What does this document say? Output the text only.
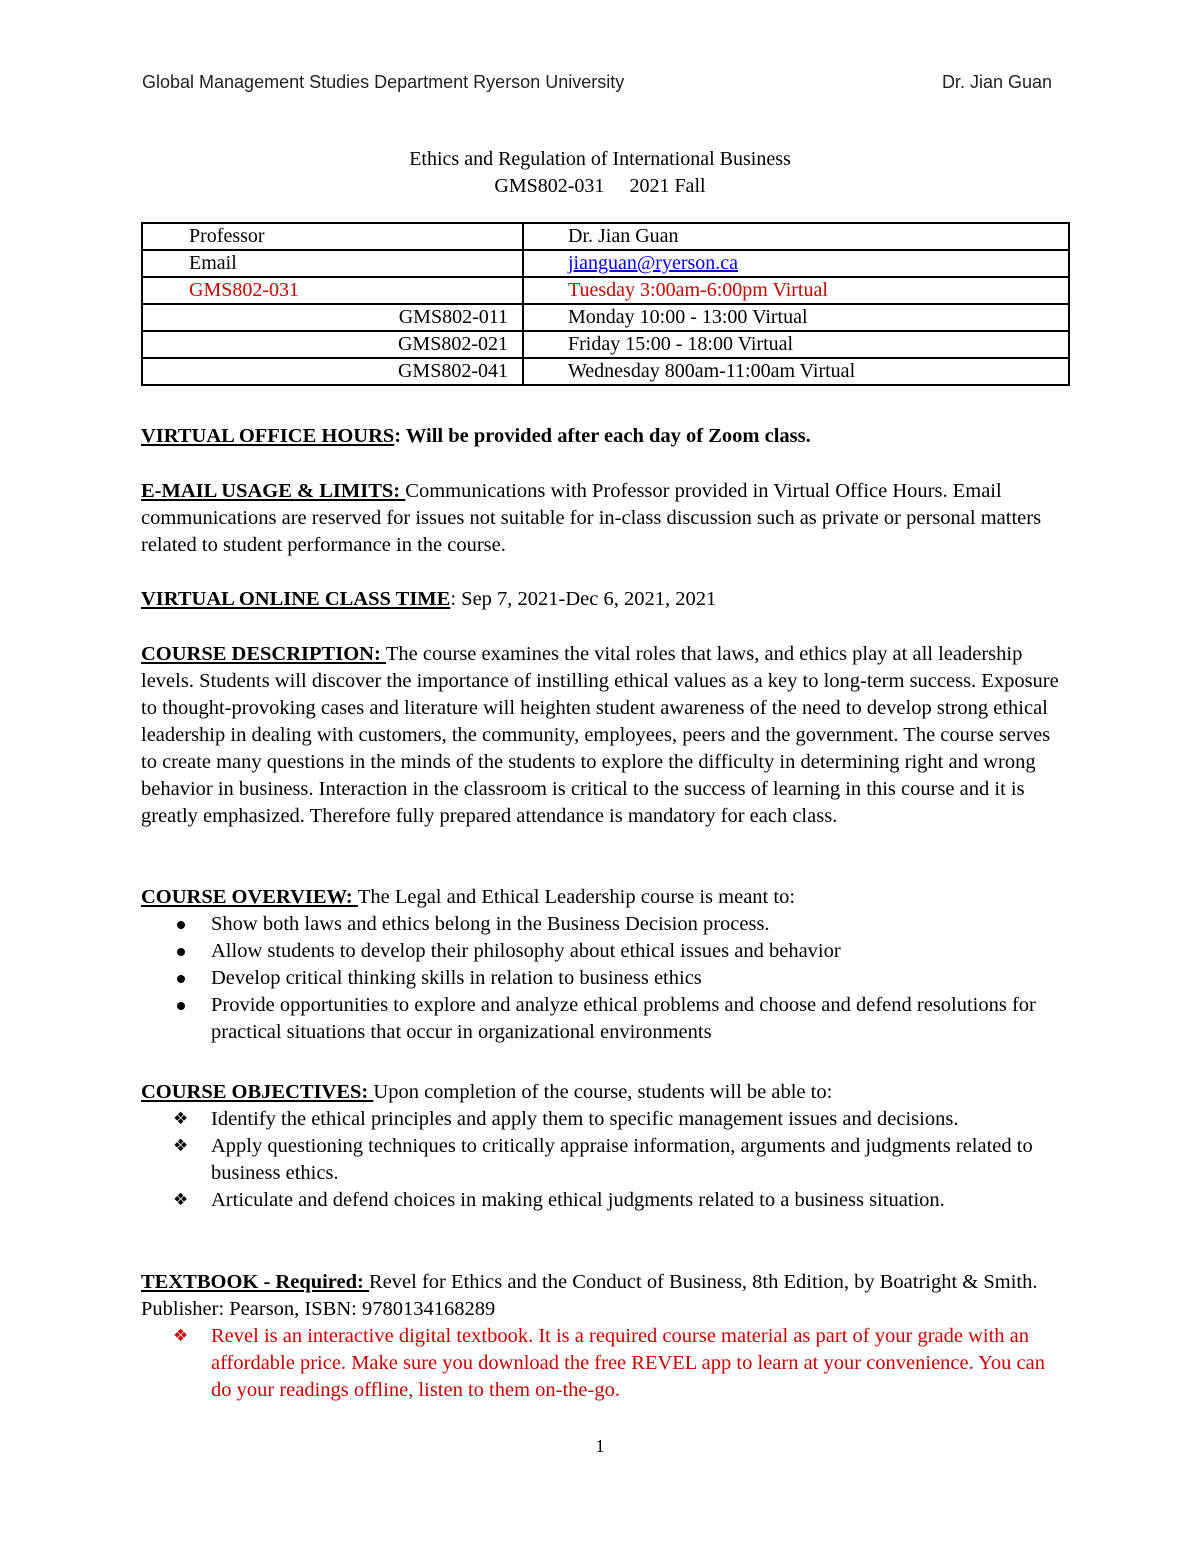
Global Management Studies Department Ryerson University	Dr. Jian Guan
Ethics and Regulation of International Business
GMS802-031 2021 Fall
Professor	Dr. Jian Guan
Email	jianguan@ryerson.ca
GMS802-031	Tuesday 3:00am-6:00pm Virtual
GMS802-011	Monday 10:00 - 13:00 Virtual
GMS802-021	Friday 15:00 - 18:00 Virtual
GMS802-041	Wednesday 800am-11:00am Virtual

VIRTUAL OFFICE HOURS: Will be provided after each day of Zoom class.

E-MAIL USAGE & LIMITS: Communications with Professor provided in Virtual Office Hours. Email communications are reserved for issues not suitable for in-class discussion such as private or personal matters related to student performance in the course.

VIRTUAL ONLINE CLASS TIME: Sep 7, 2021-Dec 6, 2021, 2021

COURSE DESCRIPTION: The course examines the vital roles that laws, and ethics play at all leadership levels. Students will discover the importance of instilling ethical values as a key to long-term success. Exposure to thought-provoking cases and literature will heighten student awareness of the need to develop strong ethical leadership in dealing with customers, the community, employees, peers and the government. The course serves to create many questions in the minds of the students to explore the difficulty in determining right and wrong behavior in business. Interaction in the classroom is critical to the success of learning in this course and it is greatly emphasized. Therefore fully prepared attendance is mandatory for each class.

COURSE OVERVIEW: The Legal and Ethical Leadership course is meant to:

Show both laws and ethics belong in the Business Decision process.
Allow students to develop their philosophy about ethical issues and behavior
Develop critical thinking skills in relation to business ethics
Provide opportunities to explore and analyze ethical problems and choose and defend resolutions for practical situations that occur in organizational environments

COURSE OBJECTIVES: Upon completion of the course, students will be able to:

❖ Identify the ethical principles and apply them to specific management issues and decisions.
❖ Apply questioning techniques to critically appraise information, arguments and judgments related to business ethics.
❖ Articulate and defend choices in making ethical judgments related to a business situation.

TEXTBOOK - Required: Revel for Ethics and the Conduct of Business, 8th Edition, by Boatright & Smith. Publisher: Pearson, ISBN: 9780134168289

❖ Revel is an interactive digital textbook. It is a required course material as part of your grade with an affordable price. Make sure you download the free REVEL app to learn at your convenience. You can do your readings offline, listen to them on-the-go.
1
